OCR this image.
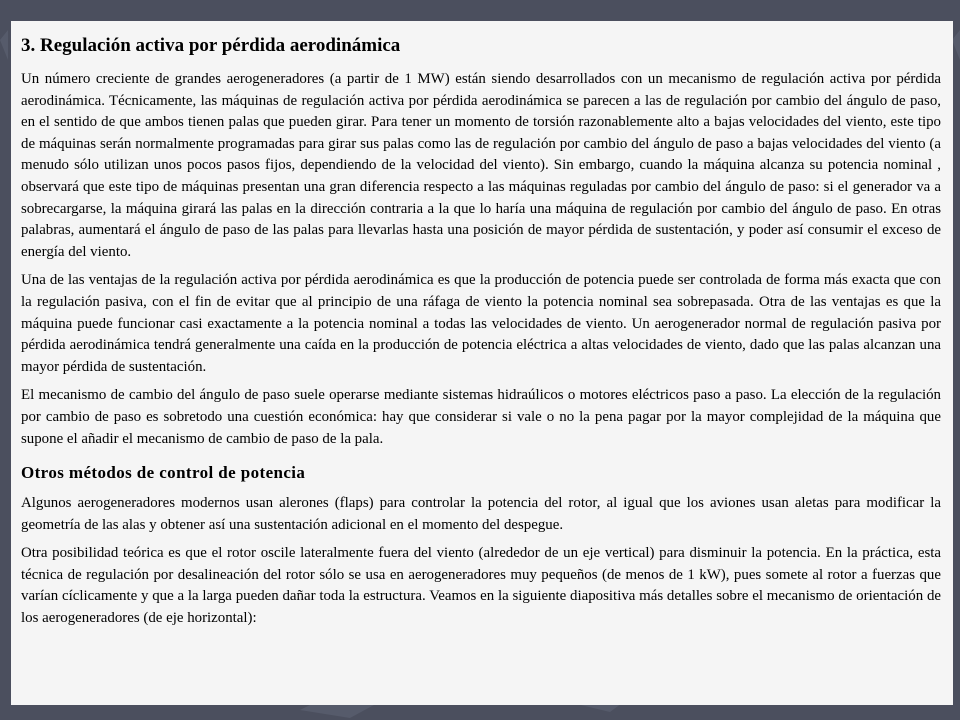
3. Regulación activa por pérdida aerodinámica

Un número creciente de grandes aerogeneradores (a partir de 1 MW) están siendo desarrollados con un mecanismo de regulación activa por pérdida aerodinámica. Técnicamente, las máquinas de regulación activa por pérdida aerodinámica se parecen a las de regulación por cambio del ángulo de paso, en el sentido de que ambos tienen palas que pueden girar. Para tener un momento de torsión razonablemente alto a bajas velocidades del viento, este tipo de máquinas serán normalmente programadas para girar sus palas como las de regulación por cambio del ángulo de paso a bajas velocidades del viento (a menudo sólo utilizan unos pocos pasos fijos, dependiendo de la velocidad del viento). Sin embargo, cuando la máquina alcanza su potencia nominal , observará que este tipo de máquinas presentan una gran diferencia respecto a las máquinas reguladas por cambio del ángulo de paso: si el generador va a sobrecargarse, la máquina girará las palas en la dirección contraria a la que lo haría una máquina de regulación por cambio del ángulo de paso. En otras palabras, aumentará el ángulo de paso de las palas para llevarlas hasta una posición de mayor pérdida de sustentación, y poder así consumir el exceso de energía del viento.

Una de las ventajas de la regulación activa por pérdida aerodinámica es que la producción de potencia puede ser controlada de forma más exacta que con la regulación pasiva, con el fin de evitar que al principio de una ráfaga de viento la potencia nominal sea sobrepasada. Otra de las ventajas es que la máquina puede funcionar casi exactamente a la potencia nominal a todas las velocidades de viento. Un aerogenerador normal de regulación pasiva por pérdida aerodinámica tendrá generalmente una caída en la producción de potencia eléctrica a altas velocidades de viento, dado que las palas alcanzan una mayor pérdida de sustentación.

El mecanismo de cambio del ángulo de paso suele operarse mediante sistemas hidraúlicos o motores eléctricos paso a paso. La elección de la regulación por cambio de paso es sobretodo una cuestión económica: hay que considerar si vale o no la pena pagar por la mayor complejidad de la máquina que supone el añadir el mecanismo de cambio de paso de la pala.

Otros métodos de control de potencia

Algunos aerogeneradores modernos usan alerones (flaps) para controlar la potencia del rotor, al igual que los aviones usan aletas para modificar la geometría de las alas y obtener así una sustentación adicional en el momento del despegue.

Otra posibilidad teórica es que el rotor oscile lateralmente fuera del viento (alrededor de un eje vertical) para disminuir la potencia. En la práctica, esta técnica de regulación por desalineación del rotor sólo se usa en aerogeneradores muy pequeños (de menos de 1 kW), pues somete al rotor a fuerzas que varían cíclicamente y que a la larga pueden dañar toda la estructura. Veamos en la siguiente diapositiva más detalles sobre el mecanismo de orientación de los aerogeneradores (de eje horizontal):
